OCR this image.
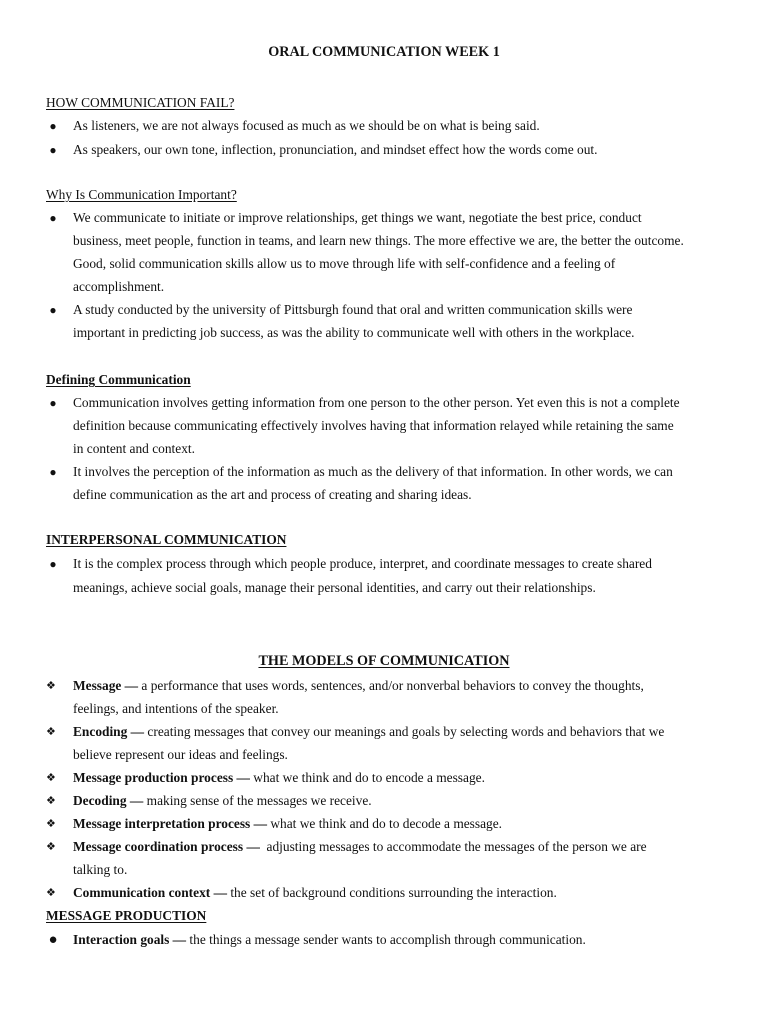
ORAL COMMUNICATION WEEK 1
HOW COMMUNICATION FAIL?
● As listeners, we are not always focused as much as we should be on what is being said.
● As speakers, our own tone, inflection, pronunciation, and mindset effect how the words come out.
Why Is Communication Important?
● We communicate to initiate or improve relationships, get things we want, negotiate the best price, conduct
business, meet people, function in teams, and learn new things. The more effective we are, the better the outcome.
Good, solid communication skills allow us to move through life with self-confidence and a feeling of
accomplishment.
● A study conducted by the university of Pittsburgh found that oral and written communication skills were
important in predicting job success, as was the ability to communicate well with others in the workplace.
Defining Communication
● Communication involves getting information from one person to the other person. Yet even this is not a complete
definition because communicating effectively involves having that information relayed while retaining the same
in content and context.
● It involves the perception of the information as much as the delivery of that information. In other words, we can
define communication as the art and process of creating and sharing ideas.
INTERPERSONAL COMMUNICATION
● It is the complex process through which people produce, interpret, and coordinate messages to create shared
meanings, achieve social goals, manage their personal identities, and carry out their relationships.
THE MODELS OF COMMUNICATION
❖ Message — a performance that uses words, sentences, and/or nonverbal behaviors to convey the thoughts,
feelings, and intentions of the speaker.
❖ Encoding — creating messages that convey our meanings and goals by selecting words and behaviors that we
believe represent our ideas and feelings.
❖ Message production process — what we think and do to encode a message.
❖ Decoding — making sense of the messages we receive.
❖ Message interpretation process — what we think and do to decode a message.
❖ Message coordination process —  adjusting messages to accommodate the messages of the person we are
talking to.
❖ Communication context — the set of background conditions surrounding the interaction.
MESSAGE PRODUCTION
● Interaction goals — the things a message sender wants to accomplish through communication.
